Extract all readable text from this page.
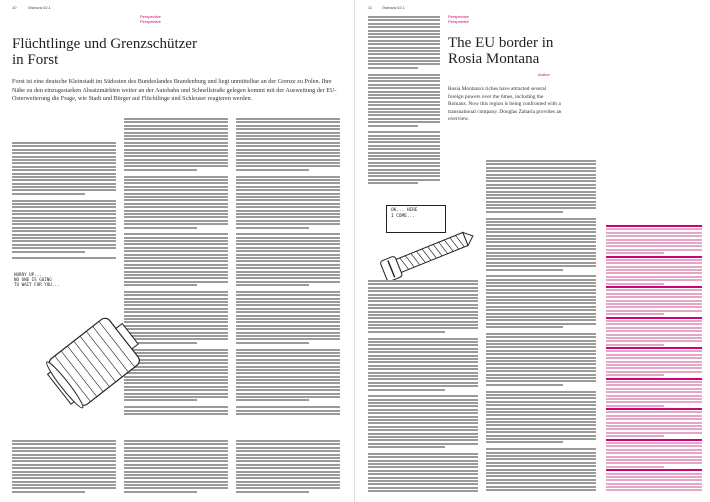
10	Östrava 02.1
Perspective
Perspektive
Flüchtlinge und Grenzschützer
in Forst
Forst ist eine deutsche Kleinstadt im Südosten des Bundeslandes Brandenburg und liegt unmittelbar an der Grenze zu Polen. Ihre Nähe zu den einzugsstarken Absatzmärkten weiter an der Autobahn und Schnellstraße gelegen kommt mit der Ausweitung der EU- Osterweiterung die Frage, wie Stadt und Bürger auf Flüchtlinge und Schleuser reagieren werden.
HURRY UP...
NO ONE IS GOING
TO WAIT FOR YOU...
11 Östrava 02.1
Perspective
Perspektive
The EU border in
Rosia Montana
Author
Rosia Montana's riches have attracted several foreign powers over the times, including the Romans. Now this region is being confronted with a transnational company. Douglas Zaharia provides an overview.
OK... HERE
I COME...
